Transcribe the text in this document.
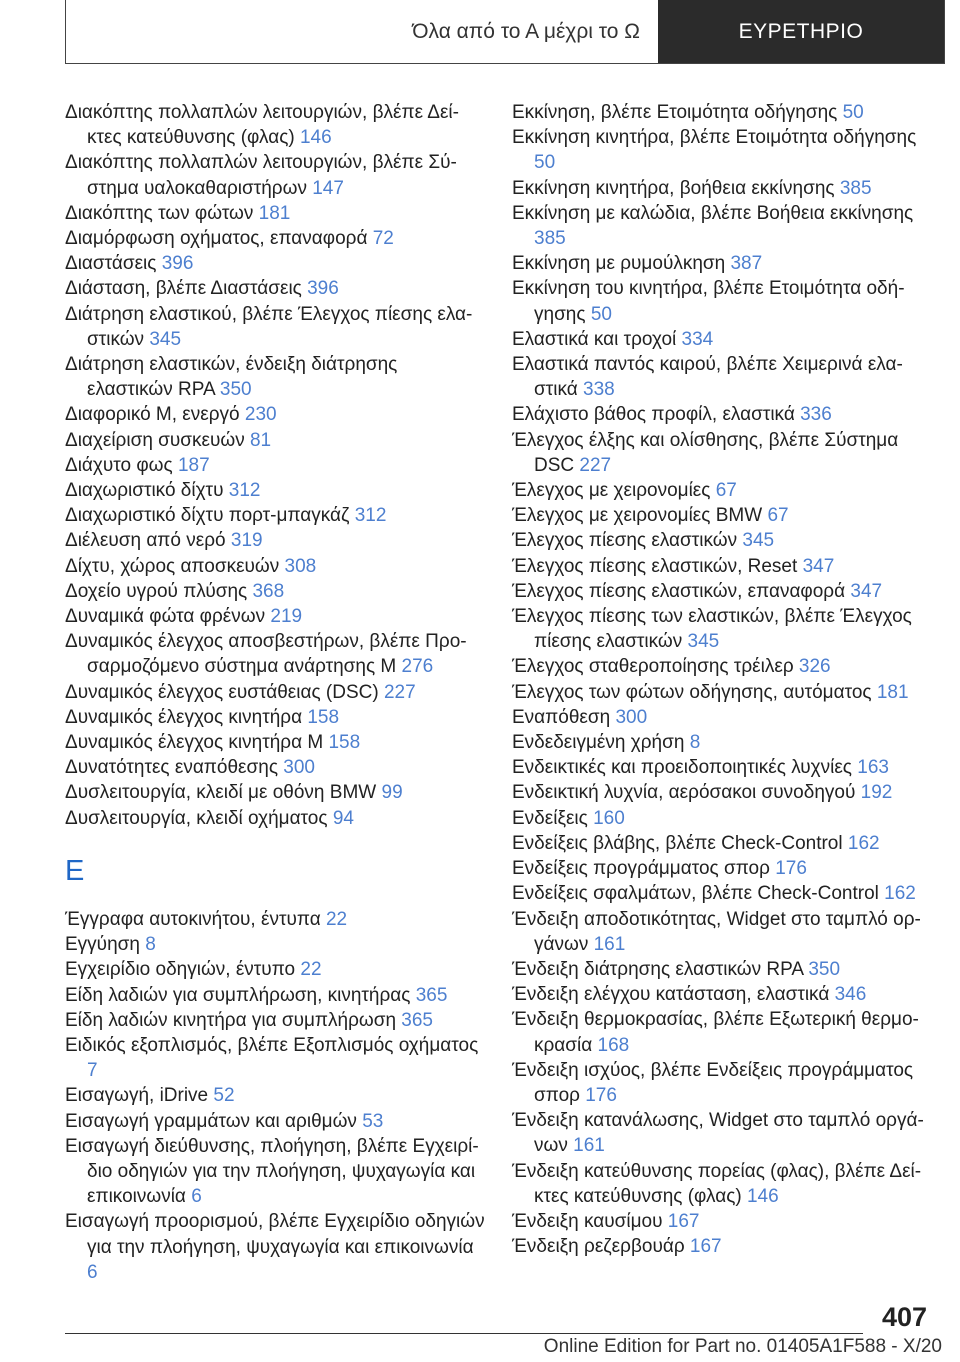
Όλα από το Α μέχρι το Ω	ΕΥΡΕΤΗΡΙΟ
Διακόπτης πολλαπλών λειτουργιών, βλέπε Δείκτες κατεύθυνσης (φλας) 146
Διακόπτης πολλαπλών λειτουργιών, βλέπε Σύστημα υαλοκαθαριστήρων 147
Διακόπτης των φώτων 181
Διαμόρφωση οχήματος, επαναφορά 72
Διαστάσεις 396
Διάσταση, βλέπε Διαστάσεις 396
Διάτρηση ελαστικού, βλέπε Έλεγχος πίεσης ελαστικών 345
Διάτρηση ελαστικών, ένδειξη διάτρησης ελαστικών RPA 350
Διαφορικό M, ενεργό 230
Διαχείριση συσκευών 81
Διάχυτο φως 187
Διαχωριστικό δίχτυ 312
Διαχωριστικό δίχτυ πορτ-μπαγκάζ 312
Διέλευση από νερό 319
Δίχτυ, χώρος αποσκευών 308
Δοχείο υγρού πλύσης 368
Δυναμικά φώτα φρένων 219
Δυναμικός έλεγχος αποσβεστήρων, βλέπε Προσαρμοζόμενο σύστημα ανάρτησης M 276
Δυναμικός έλεγχος ευστάθειας (DSC) 227
Δυναμικός έλεγχος κινητήρα 158
Δυναμικός έλεγχος κινητήρα M 158
Δυνατότητες εναπόθεσης 300
Δυσλειτουργία, κλειδί με οθόνη BMW 99
Δυσλειτουργία, κλειδί οχήματος 94
Ε
Έγγραφα αυτοκινήτου, έντυπα 22
Εγγύηση 8
Εγχειρίδιο οδηγιών, έντυπο 22
Είδη λαδιών για συμπλήρωση, κινητήρας 365
Είδη λαδιών κινητήρα για συμπλήρωση 365
Ειδικός εξοπλισμός, βλέπε Εξοπλισμός οχήματος 7
Εισαγωγή, iDrive 52
Εισαγωγή γραμμάτων και αριθμών 53
Εισαγωγή διεύθυνσης, πλοήγηση, βλέπε Εγχειρίδιο οδηγιών για την πλοήγηση, ψυχαγωγία και επικοινωνία 6
Εισαγωγή προορισμού, βλέπε Εγχειρίδιο οδηγιών για την πλοήγηση, ψυχαγωγία και επικοινωνία 6
Εκκίνηση, βλέπε Ετοιμότητα οδήγησης 50
Εκκίνηση κινητήρα, βλέπε Ετοιμότητα οδήγησης 50
Εκκίνηση κινητήρα, βοήθεια εκκίνησης 385
Εκκίνηση με καλώδια, βλέπε Βοήθεια εκκίνησης 385
Εκκίνηση με ρυμούλκηση 387
Εκκίνηση του κινητήρα, βλέπε Ετοιμότητα οδήγησης 50
Ελαστικά και τροχοί 334
Ελαστικά παντός καιρού, βλέπε Χειμερινά ελαστικά 338
Ελάχιστο βάθος προφίλ, ελαστικά 336
Έλεγχος έλξης και ολίσθησης, βλέπε Σύστημα DSC 227
Έλεγχος με χειρονομίες 67
Έλεγχος με χειρονομίες BMW 67
Έλεγχος πίεσης ελαστικών 345
Έλεγχος πίεσης ελαστικών, Reset 347
Έλεγχος πίεσης ελαστικών, επαναφορά 347
Έλεγχος πίεσης των ελαστικών, βλέπε Έλεγχος πίεσης ελαστικών 345
Έλεγχος σταθεροποίησης τρέιλερ 326
Έλεγχος των φώτων οδήγησης, αυτόματος 181
Εναπόθεση 300
Ενδεδειγμένη χρήση 8
Ενδεικτικές και προειδοποιητικές λυχνίες 163
Ενδεικτική λυχνία, αερόσακοι συνοδηγού 192
Ενδείξεις 160
Ενδείξεις βλάβης, βλέπε Check-Control 162
Ενδείξεις προγράμματος σπορ 176
Ενδείξεις σφαλμάτων, βλέπε Check-Control 162
Ένδειξη αποδοτικότητας, Widget στο ταμπλό οργάνων 161
Ένδειξη διάτρησης ελαστικών RPA 350
Ένδειξη ελέγχου κατάσταση, ελαστικά 346
Ένδειξη θερμοκρασίας, βλέπε Εξωτερική θερμοκρασία 168
Ένδειξη ισχύος, βλέπε Ενδείξεις προγράμματος σπορ 176
Ένδειξη κατανάλωσης, Widget στο ταμπλό οργάνων 161
Ένδειξη κατεύθυνσης πορείας (φλας), βλέπε Δείκτες κατεύθυνσης (φλας) 146
Ένδειξη καυσίμου 167
Ένδειξη ρεζερβουάρ 167
407
Online Edition for Part no. 01405A1F588 - X/20
